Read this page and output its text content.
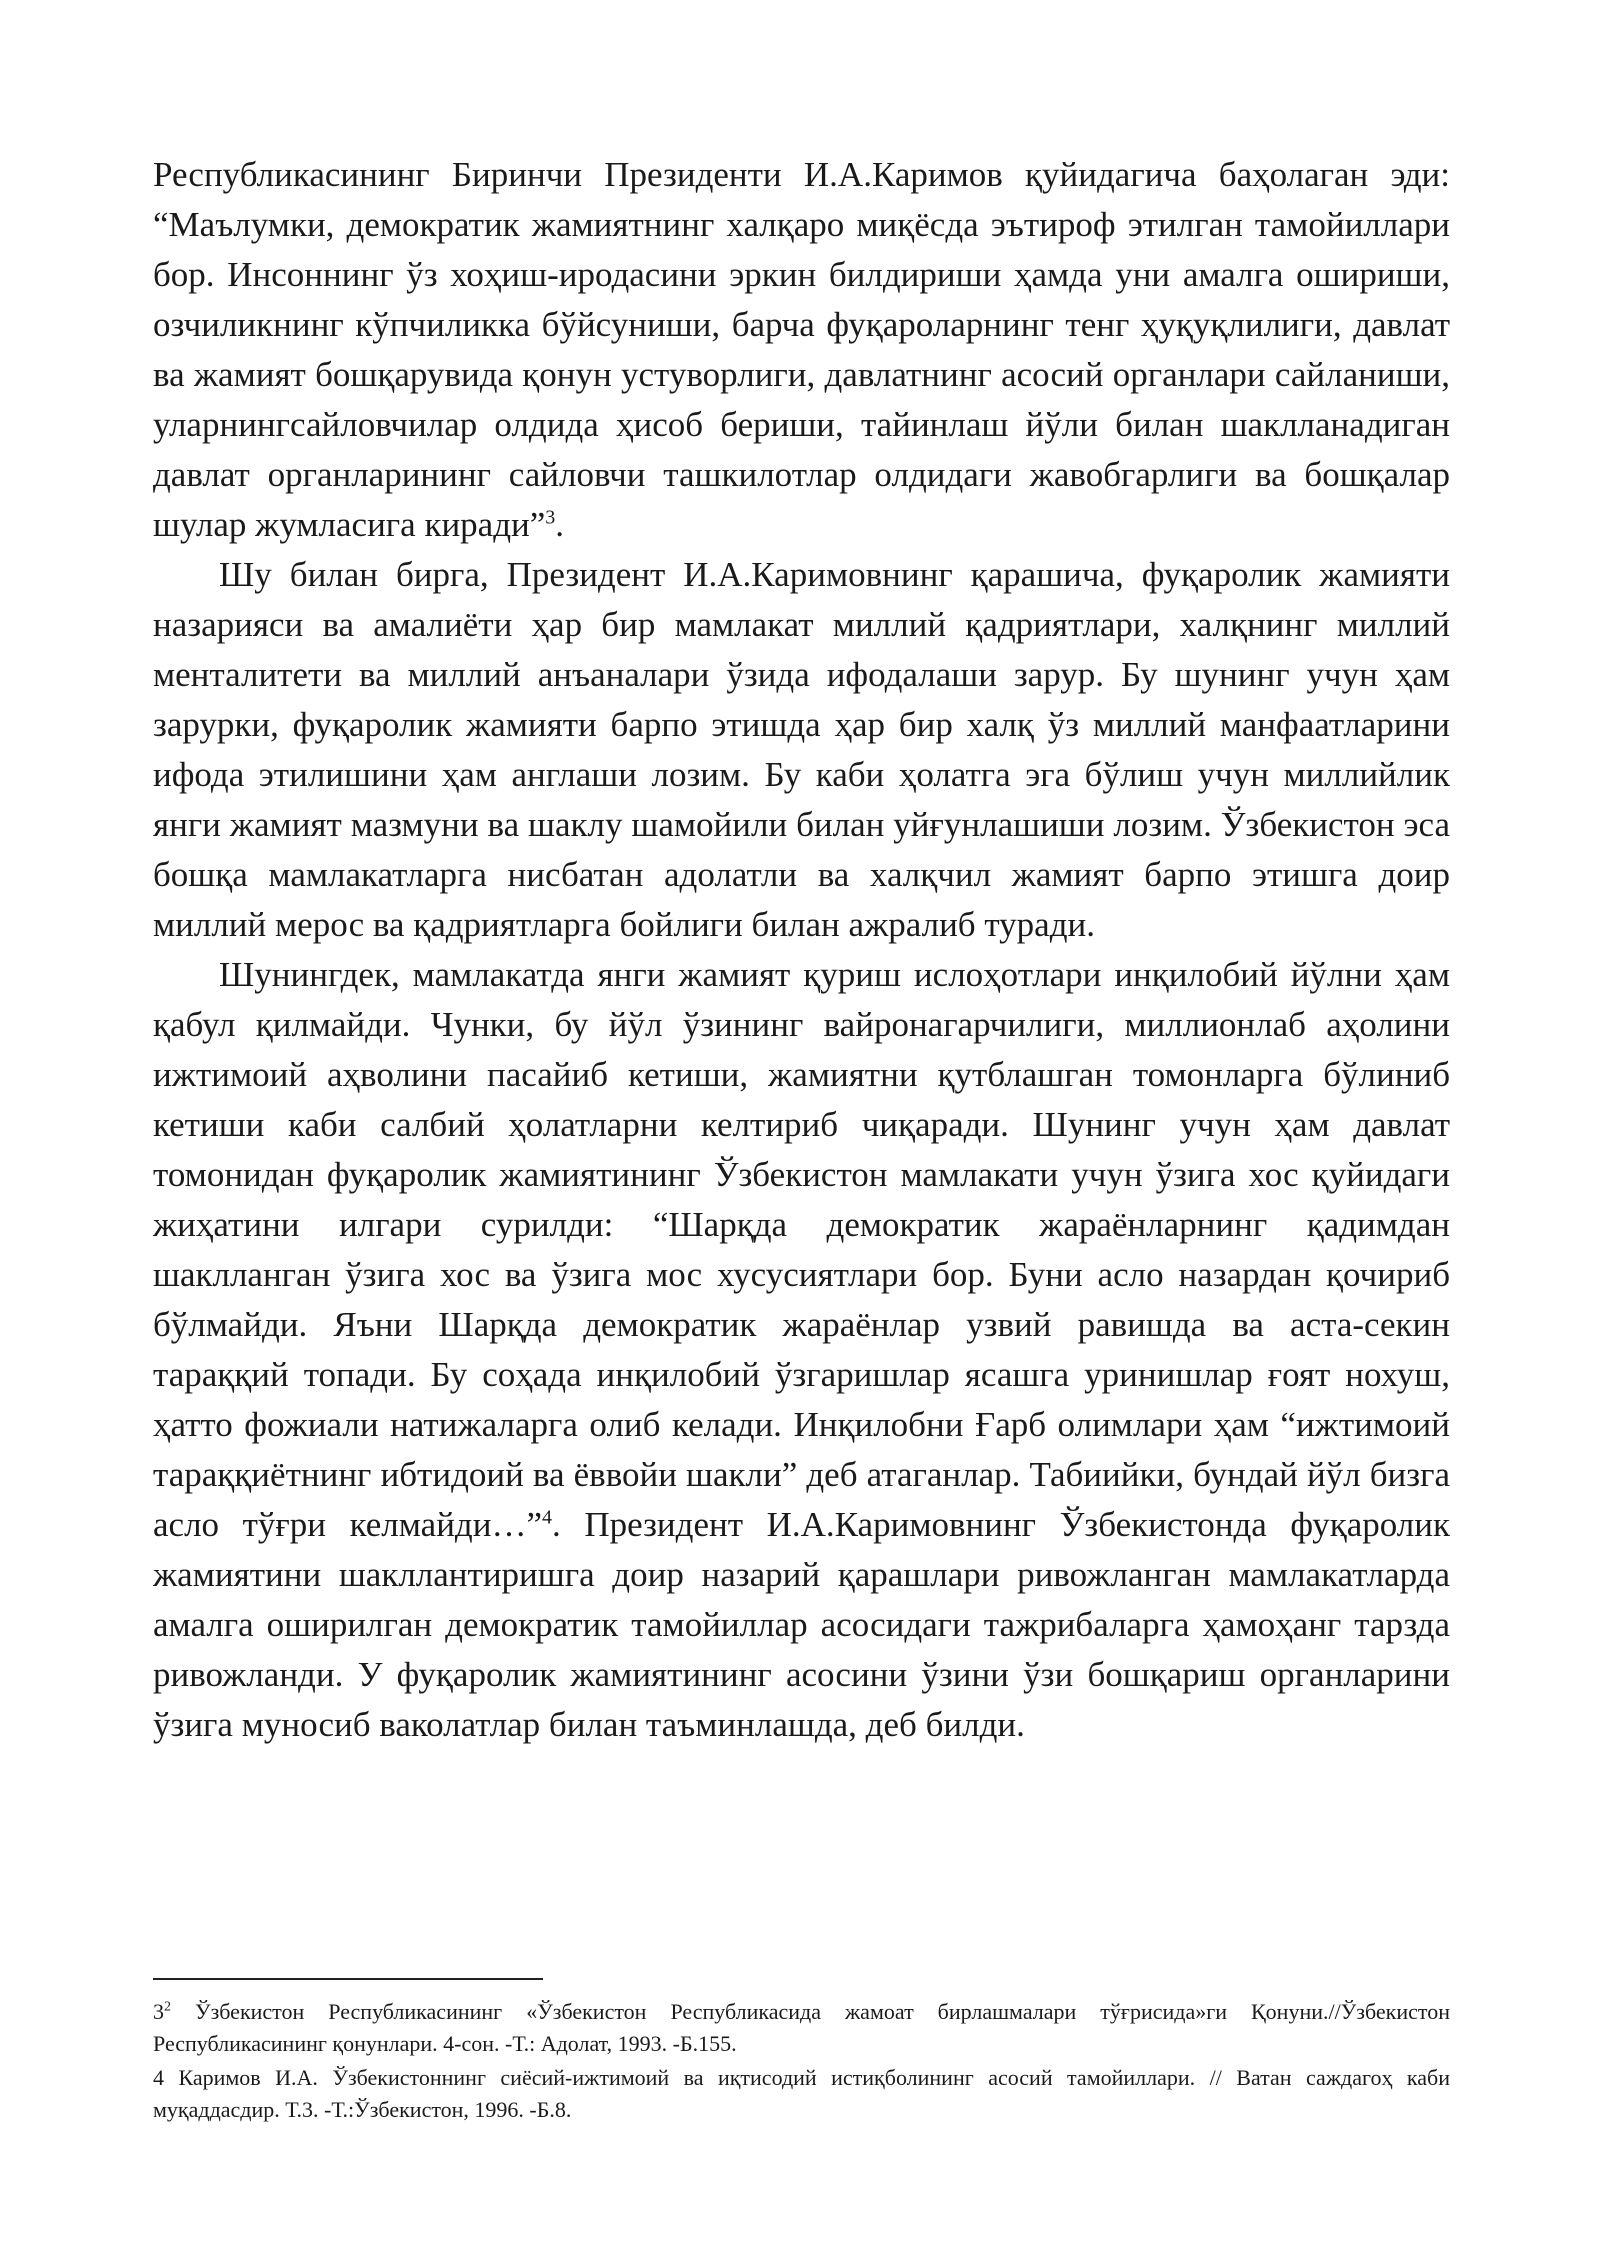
Республикасининг Биринчи Президенти И.А.Каримов қуйидагича баҳолаган эди: “Маълумки, демократик жамиятнинг халқаро миқёсда эътироф этилган тамойиллари бор. Инсоннинг ўз хоҳиш-иродасини эркин билдириши ҳамда уни амалга ошириши, озчиликнинг кўпчиликка бўйсуниши, барча фуқароларнинг тенг ҳуқуқлилиги, давлат ва жамият бошқарувида қонун устуворлиги, давлатнинг асосий органлари сайланиши, уларнингсайловчилар олдида ҳисоб бериши, тайинлаш йўли билан шаклланадиган давлат органларининг сайловчи ташкилотлар олдидаги жавобгарлиги ва бошқалар шулар жумласига киради”$^3$.

Шу билан бирга, Президент И.А.Каримовнинг қарашича, фуқаролик жамияти назарияси ва амалиёти ҳар бир мамлакат миллий қадриятлари, халқнинг миллий менталитети ва миллий анъаналари ўзида ифодалаши зарур. Бу шунинг учун ҳам зарурки, фуқаролик жамияти барпо этишда ҳар бир халқ ўз миллий манфаатларини ифода этилишини ҳам англаши лозим. Бу каби ҳолатга эга бўлиш учун миллийлик янги жамият мазмуни ва шаклу шамойили билан уйғунлашиши лозим. Ўзбекистон эса бошқа мамлакатларга нисбатан адолатли ва халқчил жамият барпо этишга доир миллий мерос ва қадриятларга бойлиги билан ажралиб туради.

Шунингдек, мамлакатда янги жамият қуриш ислоҳотлари инқилобий йўлни ҳам қабул қилмайди. Чунки, бу йўл ўзининг вайронагарчилиги, миллионлаб аҳолини ижтимоий аҳволини пасайиб кетиши, жамиятни қутблашган томонларга бўлиниб кетиши каби салбий ҳолатларни келтириб чиқаради. Шунинг учун ҳам давлат томонидан фуқаролик жамиятининг Ўзбекистон мамлакати учун ўзига хос қуйидаги жиҳатини илгари сурилди: “Шарқда демократик жараёнларнинг қадимдан шаклланган ўзига хос ва ўзига мос хусусиятлари бор. Буни асло назардан қочириб бўлмайди. Яъни Шарқда демократик жараёнлар узвий равишда ва аста-секин тараққий топади. Бу соҳада инқилобий ўзгаришлар ясашга уринишлар ғоят нохуш, ҳатто фожиали натижаларга олиб келади. Инқилобни Ғарб олимлари ҳам “ижтимоий тараққиётнинг ибтидоий ва ёввойи шакли” деб атаганлар. Табиийки, бундай йўл бизга асло тўғри келмайди…”$^4$. Президент И.А.Каримовнинг Ўзбекистонда фуқаролик жамиятини шакллантиришга доир назарий қарашлари ривожланган мамлакатларда амалга оширилган демократик тамойиллар асосидаги тажрибаларга ҳамоҳанг тарзда ривожланди. У фуқаролик жамиятининг асосини ўзини ўзи бошқариш органларини ўзига муносиб ваколатлар билан таъминлашда, деб билди.

$3^2$ Ўзбекистон Республикасининг «Ўзбекистон Республикасида жамоат бирлашмалари тўғрисида»ги Қонуни.//Ўзбекистон Республикасининг қонунлари. 4-сон. -Т.: Адолат, 1993. -Б.155.

4 Каримов И.А. Ўзбекистоннинг сиёсий-ижтимоий ва иқтисодий истиқболининг асосий тамойиллари. // Ватан саждагоҳ каби муқаддасдир. Т.3. -Т.:Ўзбекистон, 1996. -Б.8.
